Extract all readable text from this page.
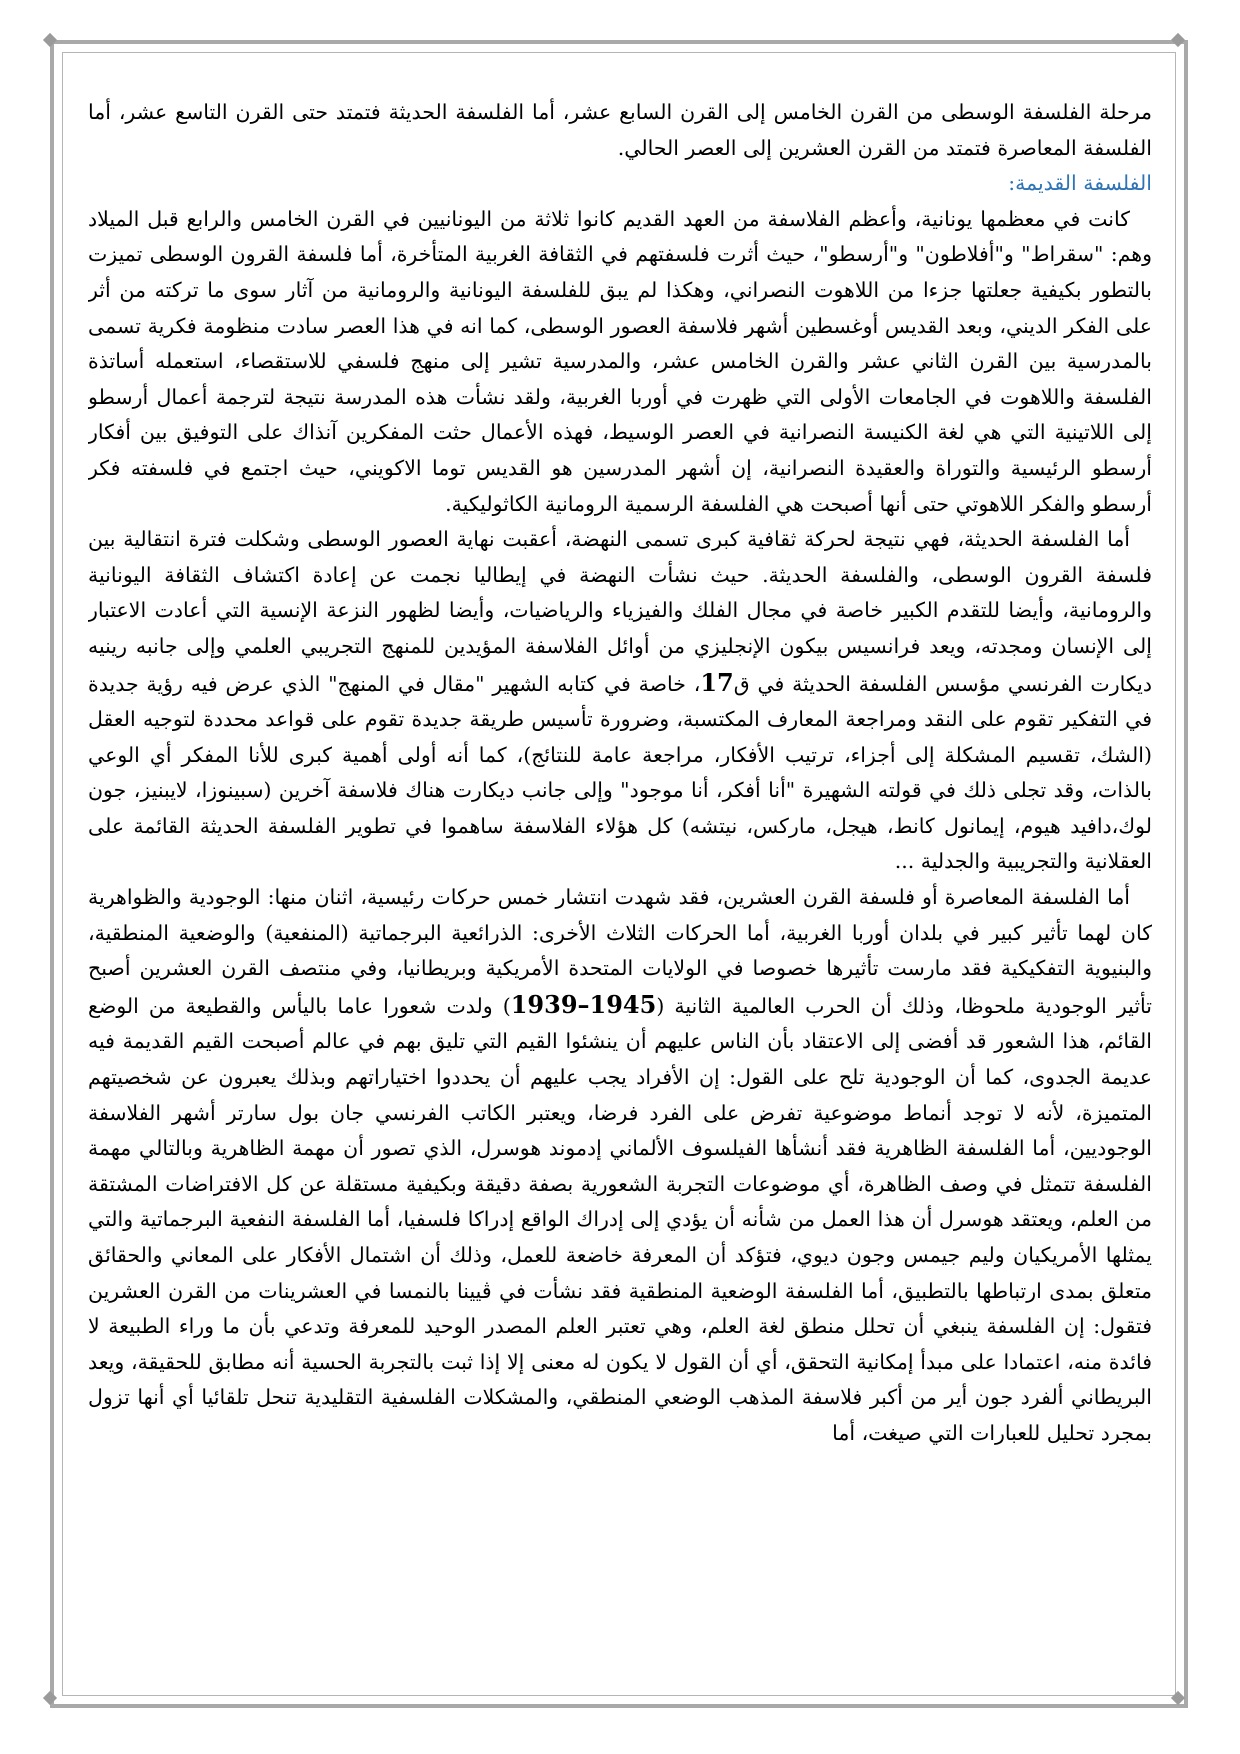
مرحلة الفلسفة الوسطى من القرن الخامس إلى القرن السابع عشر، أما الفلسفة الحديثة فتمتد حتى القرن التاسع عشر، أما الفلسفة المعاصرة فتمتد من القرن العشرين إلى العصر الحالي.

الفلسفة القديمة:

كانت في معظمها يونانية، وأعظم الفلاسفة من العهد القديم كانوا ثلاثة من اليونانيين في القرن الخامس والرابع قبل الميلاد وهم: "سقراط" و"أفلاطون" و"أرسطو"، حيث أثرت فلسفتهم في الثقافة الغربية المتأخرة، أما فلسفة القرون الوسطى تميزت بالتطور بكيفية جعلتها جزءا من اللاهوت النصراني، وهكذا لم يبق للفلسفة اليونانية والرومانية من آثار سوى ما تركته من أثر على الفكر الديني، وبعد القديس أوغسطين أشهر فلاسفة العصور الوسطى، كما انه في هذا العصر سادت منظومة فكرية تسمى بالمدرسية بين القرن الثاني عشر والقرن الخامس عشر، والمدرسية تشير إلى منهج فلسفي للاستقصاء، استعمله أساتذة الفلسفة واللاهوت في الجامعات الأولى التي ظهرت في أوربا الغربية، ولقد نشأت هذه المدرسة نتيجة لترجمة أعمال أرسطو إلى اللاتينية التي هي لغة الكنيسة النصرانية في العصر الوسيط، فهذه الأعمال حثت المفكرين آنذاك على التوفيق بين أفكار أرسطو الرئيسية والتوراة والعقيدة النصرانية، إن أشهر المدرسين هو القديس توما الاكويني، حيث اجتمع في فلسفته فكر أرسطو والفكر اللاهوتي حتى أنها أصبحت هي الفلسفة الرسمية الرومانية الكاثوليكية.

أما الفلسفة الحديثة، فهي نتيجة لحركة ثقافية كبرى تسمى النهضة، أعقبت نهاية العصور الوسطى وشكلت فترة انتقالية بين فلسفة القرون الوسطى، والفلسفة الحديثة. حيث نشأت النهضة في إيطاليا نجمت عن إعادة اكتشاف الثقافة اليونانية والرومانية، وأيضا للتقدم الكبير خاصة في مجال الفلك والفيزياء والرياضيات، وأيضا لظهور النزعة الإنسية التي أعادت الاعتبار إلى الإنسان ومجدته، ويعد فرانسيس بيكون الإنجليزي من أوائل الفلاسفة المؤيدين للمنهج التجريبي العلمي وإلى جانبه رينيه ديكارت الفرنسي مؤسس الفلسفة الحديثة في ق17، خاصة في كتابه الشهير "مقال في المنهج" الذي عرض فيه رؤية جديدة في التفكير تقوم على النقد ومراجعة المعارف المكتسبة، وضرورة تأسيس طريقة جديدة تقوم على قواعد محددة لتوجيه العقل (الشك، تقسيم المشكلة إلى أجزاء، ترتيب الأفكار، مراجعة عامة للنتائج)، كما أنه أولى أهمية كبرى للأنا المفكر أي الوعي بالذات، وقد تجلى ذلك في قولته الشهيرة "أنا أفكر، أنا موجود" وإلى جانب ديكارت هناك فلاسفة آخرين (سبينوزا، لايبنيز، جون لوك،دافيد هيوم، إيمانول كانط، هيجل، ماركس، نيتشه) كل هؤلاء الفلاسفة ساهموا في تطوير الفلسفة الحديثة القائمة على العقلانية والتجريبية والجدلية ...

أما الفلسفة المعاصرة أو فلسفة القرن العشرين، فقد شهدت انتشار خمس حركات رئيسية، اثنان منها: الوجودية والظواهرية كان لهما تأثير كبير في بلدان أوربا الغربية، أما الحركات الثلاث الأخرى: الذرائعية البرجماتية (المنفعية) والوضعية المنطقية، والبنيوية التفكيكية فقد مارست تأثيرها خصوصا في الولايات المتحدة الأمريكية وبريطانيا، وفي منتصف القرن العشرين أصبح تأثير الوجودية ملحوظا، وذلك أن الحرب العالمية الثانية (1939–1945) ولدت شعورا عاما باليأس والقطيعة من الوضع القائم، هذا الشعور قد أفضى إلى الاعتقاد بأن الناس عليهم أن ينشئوا القيم التي تليق بهم في عالم أصبحت القيم القديمة فيه عديمة الجدوى، كما أن الوجودية تلح على القول: إن الأفراد يجب عليهم أن يحددوا اختياراتهم وبذلك يعبرون عن شخصيتهم المتميزة، لأنه لا توجد أنماط موضوعية تفرض على الفرد فرضا، ويعتبر الكاتب الفرنسي جان بول سارتر أشهر الفلاسفة الوجوديين، أما الفلسفة الظاهرية فقد أنشأها الفيلسوف الألماني إدموند هوسرل، الذي تصور أن مهمة الظاهرية وبالتالي مهمة الفلسفة تتمثل في وصف الظاهرة، أي موضوعات التجربة الشعورية بصفة دقيقة وبكيفية مستقلة عن كل الافتراضات المشتقة من العلم، ويعتقد هوسرل أن هذا العمل من شأنه أن يؤدي إلى إدراك الواقع إدراكا فلسفيا، أما الفلسفة النفعية البرجماتية والتي يمثلها الأمريكيان وليم جيمس وجون ديوي، فتؤكد أن المعرفة خاضعة للعمل، وذلك أن اشتمال الأفكار على المعاني والحقائق متعلق بمدى ارتباطها بالتطبيق، أما الفلسفة الوضعية المنطقية فقد نشأت في ڤيينا بالنمسا في العشرينات من القرن العشرين فتقول: إن الفلسفة ينبغي أن تحلل منطق لغة العلم، وهي تعتبر العلم المصدر الوحيد للمعرفة وتدعي بأن ما وراء الطبيعة لا فائدة منه، اعتمادا على مبدأ إمكانية التحقق، أي أن القول لا يكون له معنى إلا إذا ثبت بالتجربة الحسية أنه مطابق للحقيقة، ويعد البريطاني ألفرد جون أير من أكبر فلاسفة المذهب الوضعي المنطقي، والمشكلات الفلسفية التقليدية تنحل تلقائيا أي أنها تزول بمجرد تحليل للعبارات التي صيغت، أما
